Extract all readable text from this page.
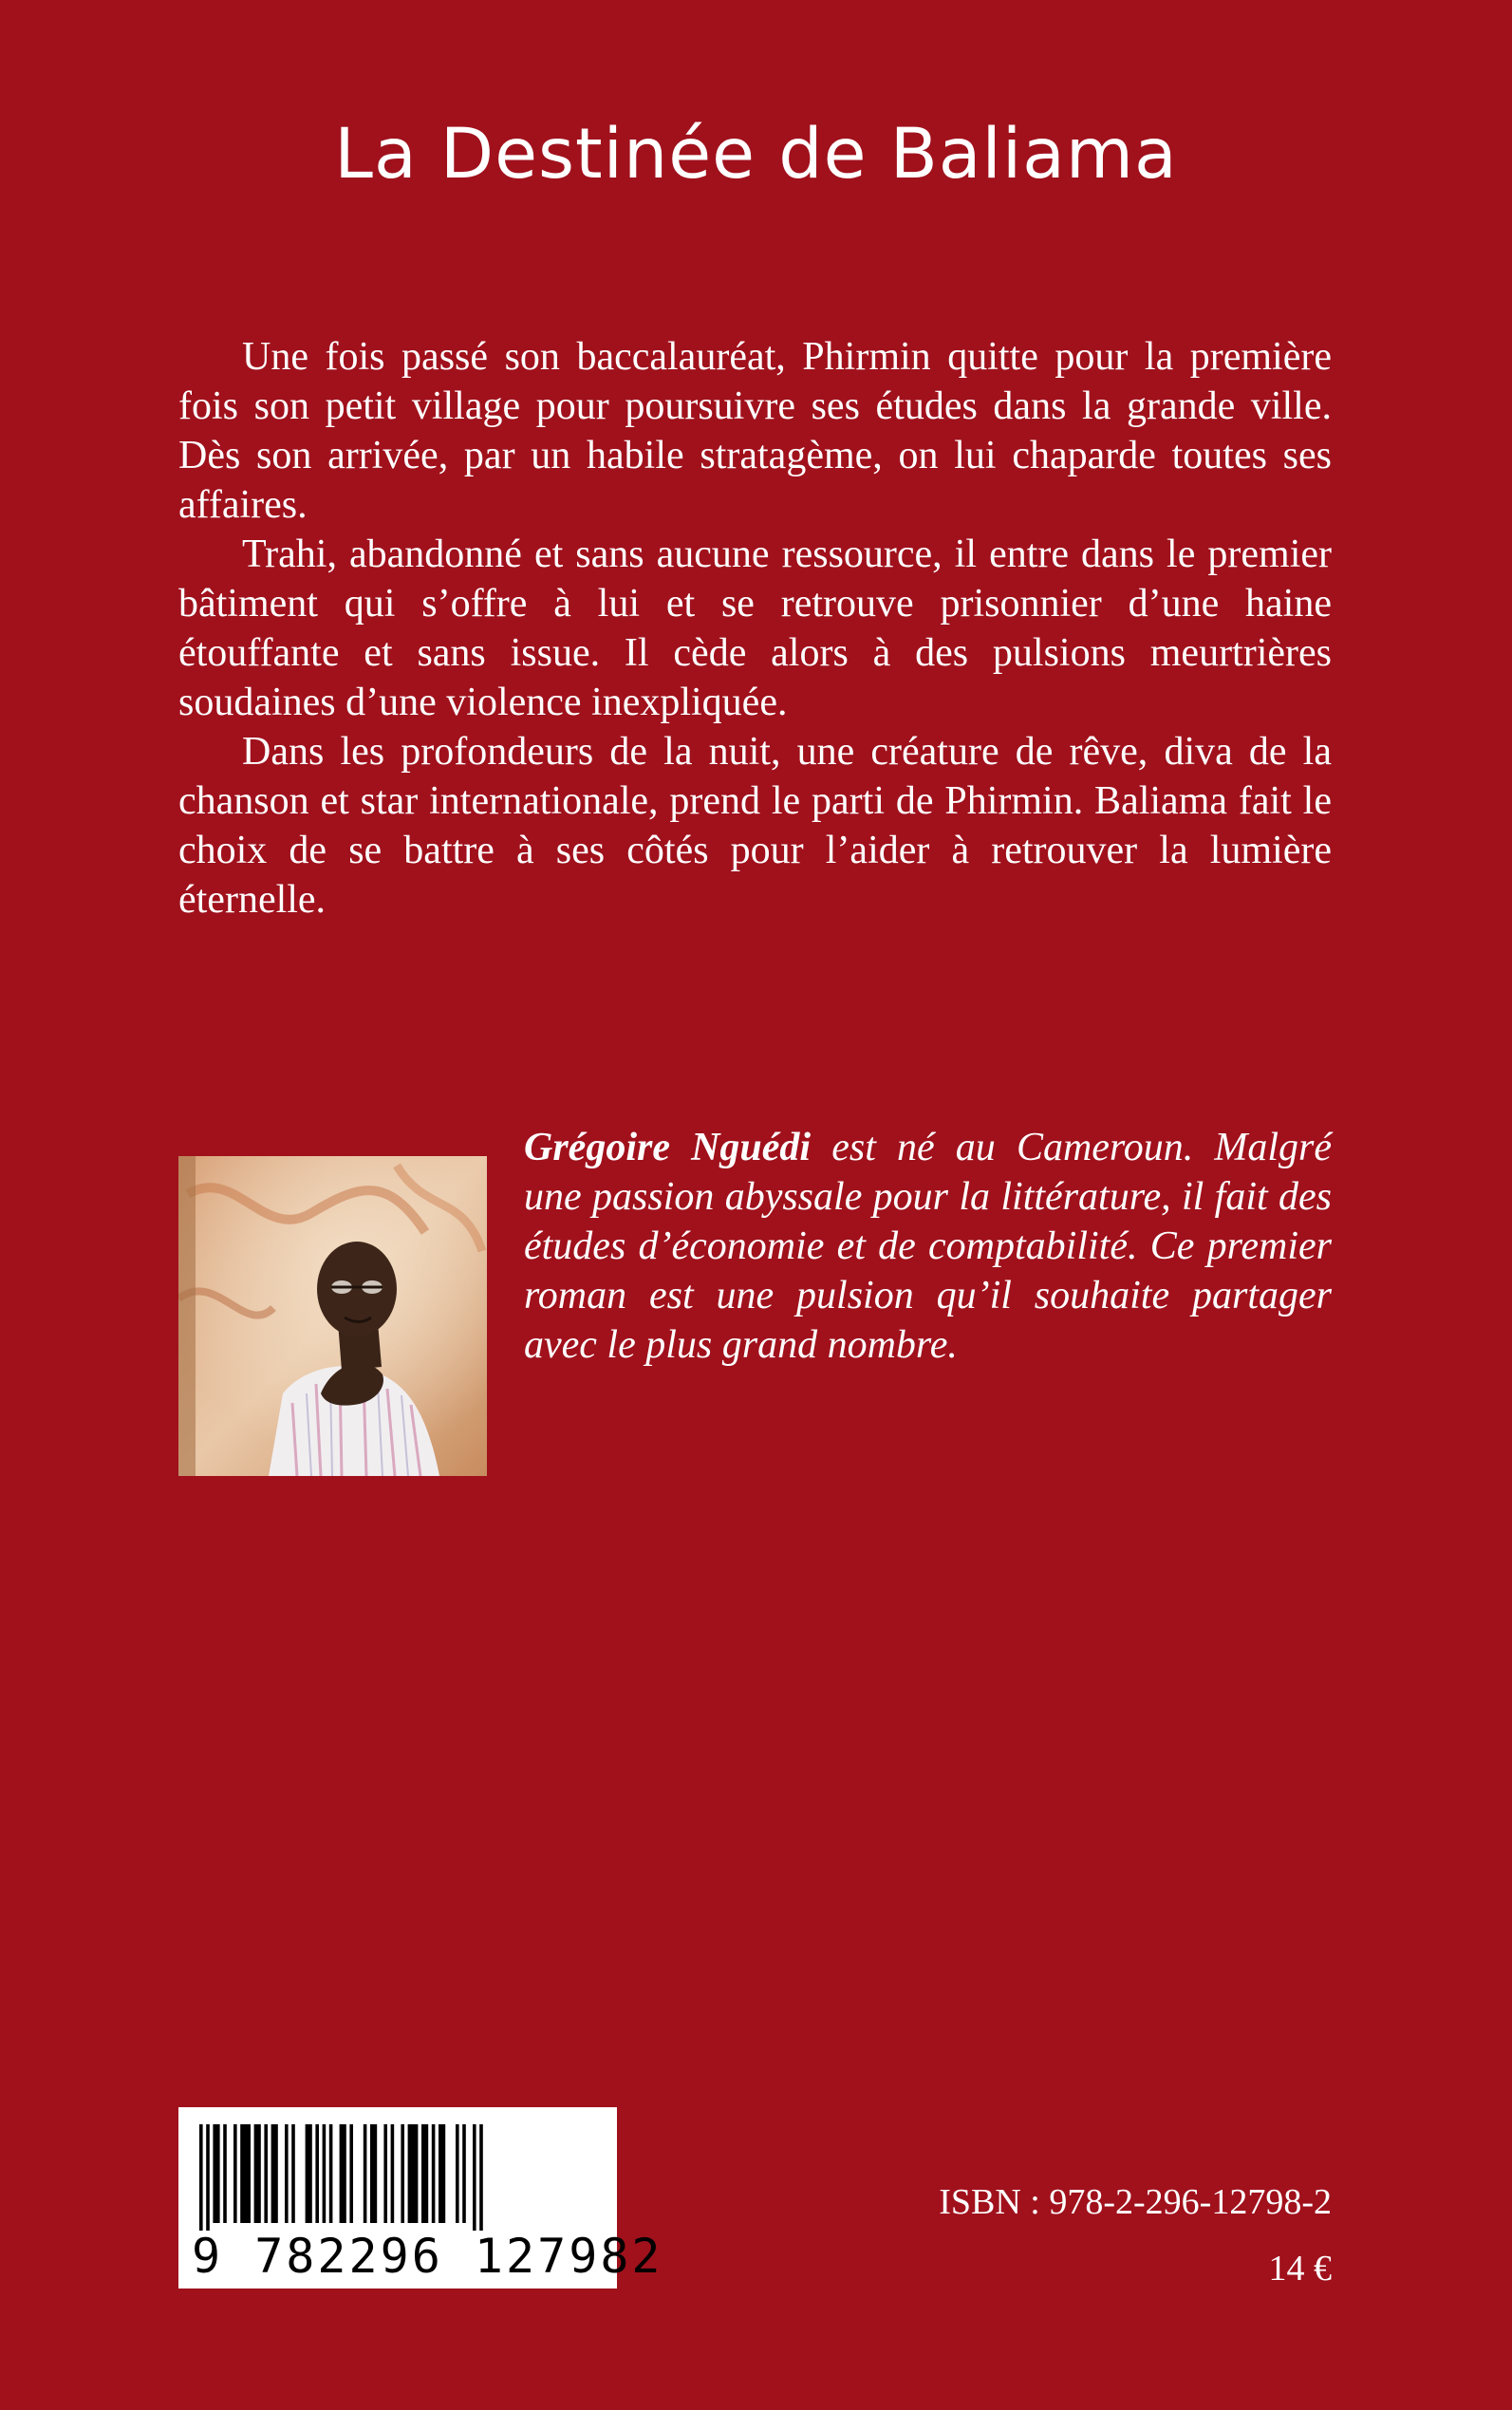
La Destinée de Baliama

Une fois passé son baccalauréat, Phirmin quitte pour la première fois son petit village pour poursuivre ses études dans la grande ville. Dès son arrivée, par un habile stratagème, on lui chaparde toutes ses affaires.

Trahi, abandonné et sans aucune ressource, il entre dans le premier bâtiment qui s’offre à lui et se retrouve prisonnier d’une haine étouffante et sans issue. Il cède alors à des pulsions meurtrières soudaines d’une violence inexpliquée.

Dans les profondeurs de la nuit, une créature de rêve, diva de la chanson et star internationale, prend le parti de Phirmin. Baliama fait le choix de se battre à ses côtés pour l’aider à retrouver la lumière éternelle.

Grégoire Nguédi est né au Cameroun. Malgré une passion abyssale pour la littérature, il fait des études d’économie et de comptabilité. Ce premier roman est une pulsion qu’il souhaite partager avec le plus grand nombre.

9 782296 127982
ISBN : 978-2-296-12798-2
14 €
